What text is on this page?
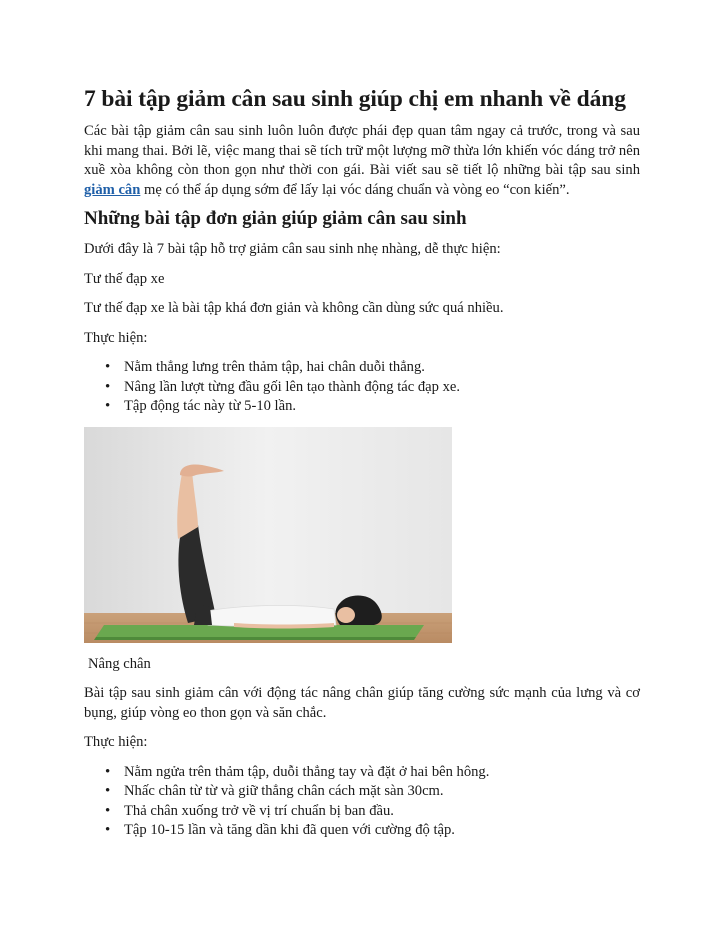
7 bài tập giảm cân sau sinh giúp chị em nhanh về dáng

Các bài tập giảm cân sau sinh luôn luôn được phái đẹp quan tâm ngay cả trước, trong và sau khi mang thai. Bởi lẽ, việc mang thai sẽ tích trữ một lượng mỡ thừa lớn khiến vóc dáng trở nên xuề xòa không còn thon gọn như thời con gái. Bài viết sau sẽ tiết lộ những bài tập sau sinh giảm cân mẹ có thể áp dụng sớm để lấy lại vóc dáng chuẩn và vòng eo “con kiến”.

Những bài tập đơn giản giúp giảm cân sau sinh

Dưới đây là 7 bài tập hỗ trợ giảm cân sau sinh nhẹ nhàng, dễ thực hiện:

Tư thế đạp xe

Tư thế đạp xe là bài tập khá đơn giản và không cần dùng sức quá nhiều.

Thực hiện:

• Nằm thẳng lưng trên thảm tập, hai chân duỗi thẳng.
• Nâng lần lượt từng đầu gối lên tạo thành động tác đạp xe.
• Tập động tác này từ 5-10 lần.

Nâng chân

Bài tập sau sinh giảm cân với động tác nâng chân giúp tăng cường sức mạnh của lưng và cơ bụng, giúp vòng eo thon gọn và săn chắc.

Thực hiện:

• Nằm ngửa trên thảm tập, duỗi thẳng tay và đặt ở hai bên hông.
• Nhấc chân từ từ và giữ thẳng chân cách mặt sàn 30cm.
• Thả chân xuống trở về vị trí chuẩn bị ban đầu.
• Tập 10-15 lần và tăng dần khi đã quen với cường độ tập.
